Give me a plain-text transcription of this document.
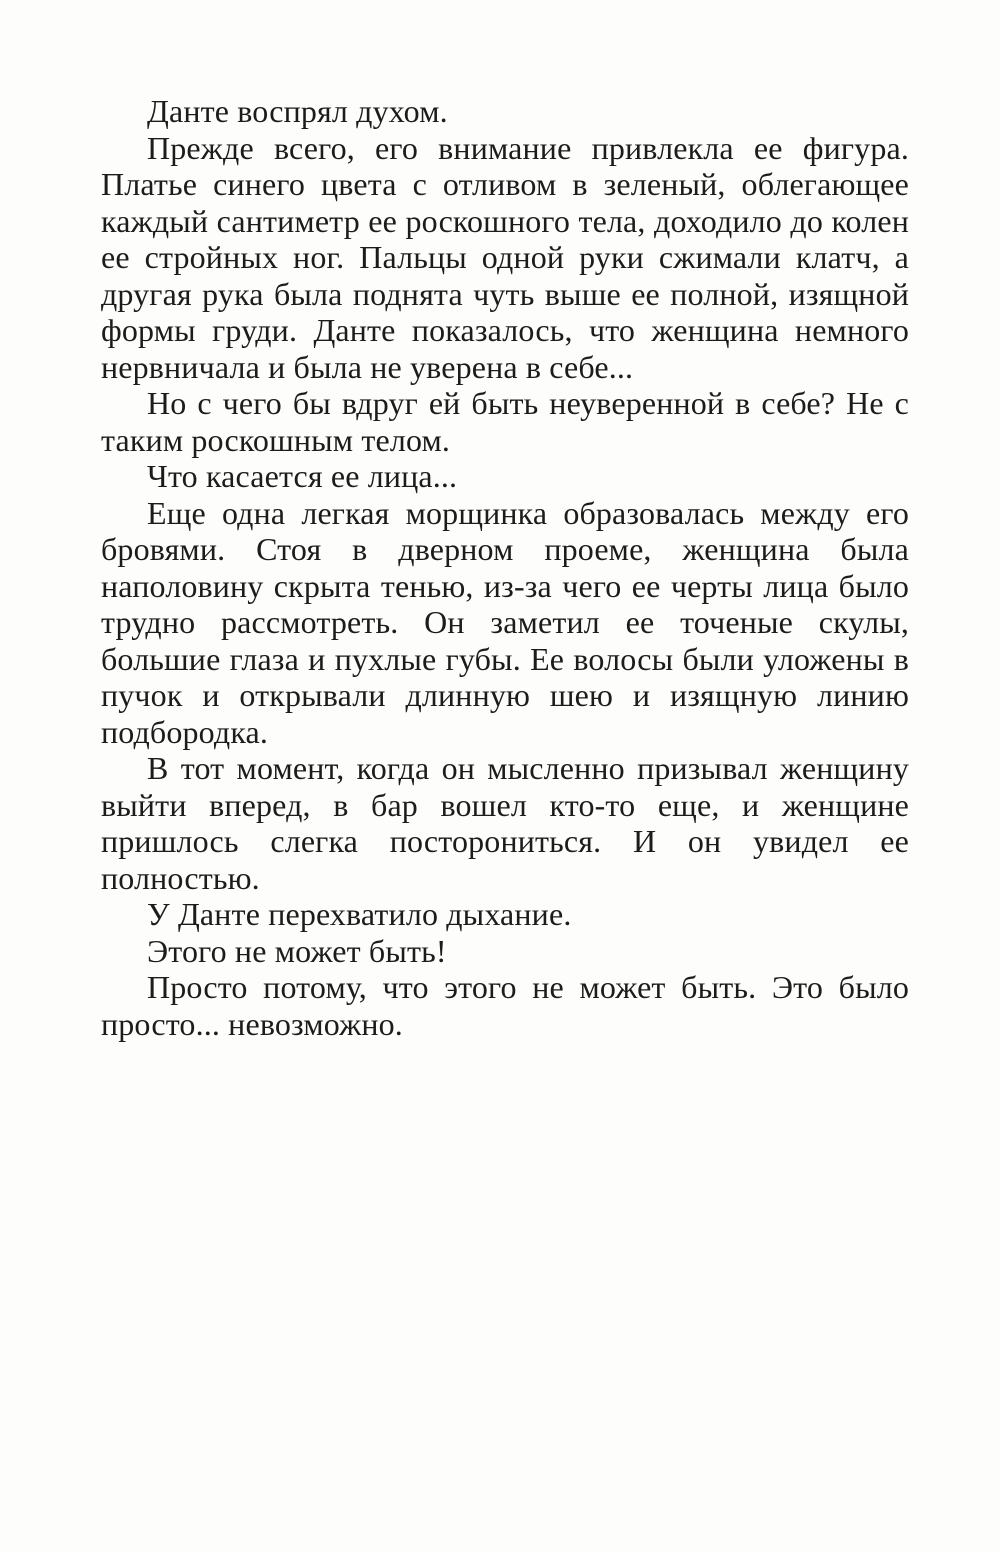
Данте воспрял духом.

Прежде всего, его внимание привлекла ее фигура. Платье синего цвета с отливом в зеленый, облегающее каждый сантиметр ее роскошного тела, доходило до колен ее стройных ног. Пальцы одной руки сжимали клатч, а другая рука была поднята чуть выше ее полной, изящной формы груди. Данте показалось, что женщина немного нервничала и была не уверена в себе...

Но с чего бы вдруг ей быть неуверенной в себе? Не с таким роскошным телом.

Что касается ее лица...

Еще одна легкая морщинка образовалась между его бровями. Стоя в дверном проеме, женщина была наполовину скрыта тенью, из-за чего ее черты лица было трудно рассмотреть. Он заметил ее точеные скулы, большие глаза и пухлые губы. Ее волосы были уложены в пучок и открывали длинную шею и изящную линию подбородка.

В тот момент, когда он мысленно призывал женщину выйти вперед, в бар вошел кто-то еще, и женщине пришлось слегка посторониться. И он увидел ее полностью.

У Данте перехватило дыхание.

Этого не может быть!

Просто потому, что этого не может быть. Это было просто... невозможно.
